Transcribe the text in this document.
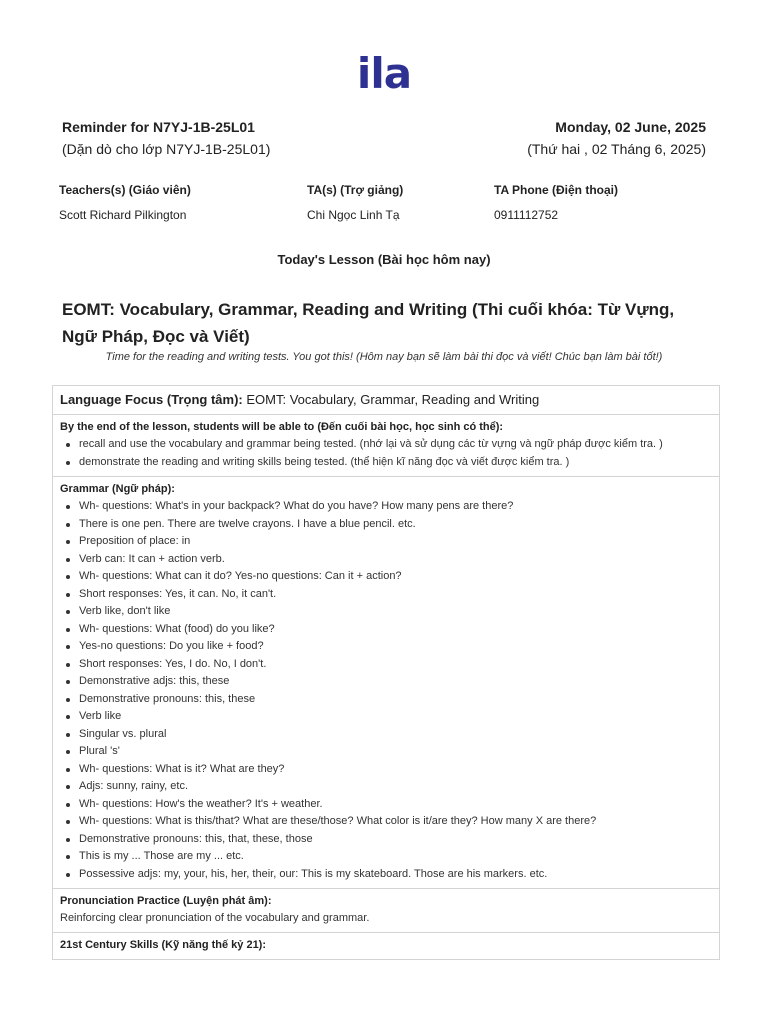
ila
Reminder for N7YJ-1B-25L01
(Dặn dò cho lớp N7YJ-1B-25L01)
Monday, 02 June, 2025
(Thứ hai , 02 Tháng 6, 2025)
Teachers(s) (Giáo viên)
Scott Richard Pilkington
TA(s) (Trợ giảng)
Chi Ngọc Linh Tạ
TA Phone (Điện thoại)
0911112752
Today's Lesson (Bài học hôm nay)
EOMT: Vocabulary, Grammar, Reading and Writing (Thi cuối khóa: Từ Vựng, Ngữ Pháp, Đọc và Viết)
Time for the reading and writing tests. You got this! (Hôm nay bạn sẽ làm bài thi đọc và viết! Chúc bạn làm bài tốt!)
Language Focus (Trọng tâm): EOMT: Vocabulary, Grammar, Reading and Writing
By the end of the lesson, students will be able to (Đến cuối bài học, học sinh có thể):
recall and use the vocabulary and grammar being tested. (nhớ lại và sử dụng các từ vựng và ngữ pháp được kiểm tra. )
demonstrate the reading and writing skills being tested. (thể hiện kĩ năng đọc và viết được kiểm tra. )
Grammar (Ngữ pháp):
Wh- questions: What's in your backpack? What do you have? How many pens are there?
There is one pen. There are twelve crayons. I have a blue pencil. etc.
Preposition of place: in
Verb can: It can + action verb.
Wh- questions: What can it do? Yes-no questions: Can it + action?
Short responses: Yes, it can. No, it can't.
Verb like, don't like
Wh- questions: What (food) do you like?
Yes-no questions: Do you like + food?
Short responses: Yes, I do. No, I don't.
Demonstrative adjs: this, these
Demonstrative pronouns: this, these
Verb like
Singular vs. plural
Plural 's'
Wh- questions: What is it? What are they?
Adjs: sunny, rainy, etc.
Wh- questions: How's the weather? It's + weather.
Wh- questions: What is this/that? What are these/those? What color is it/are they? How many X are there?
Demonstrative pronouns: this, that, these, those
This is my ... Those are my ... etc.
Possessive adjs: my, your, his, her, their, our: This is my skateboard. Those are his markers. etc.
Pronunciation Practice (Luyện phát âm):
Reinforcing clear pronunciation of the vocabulary and grammar.
21st Century Skills (Kỹ năng thế kỷ 21):
